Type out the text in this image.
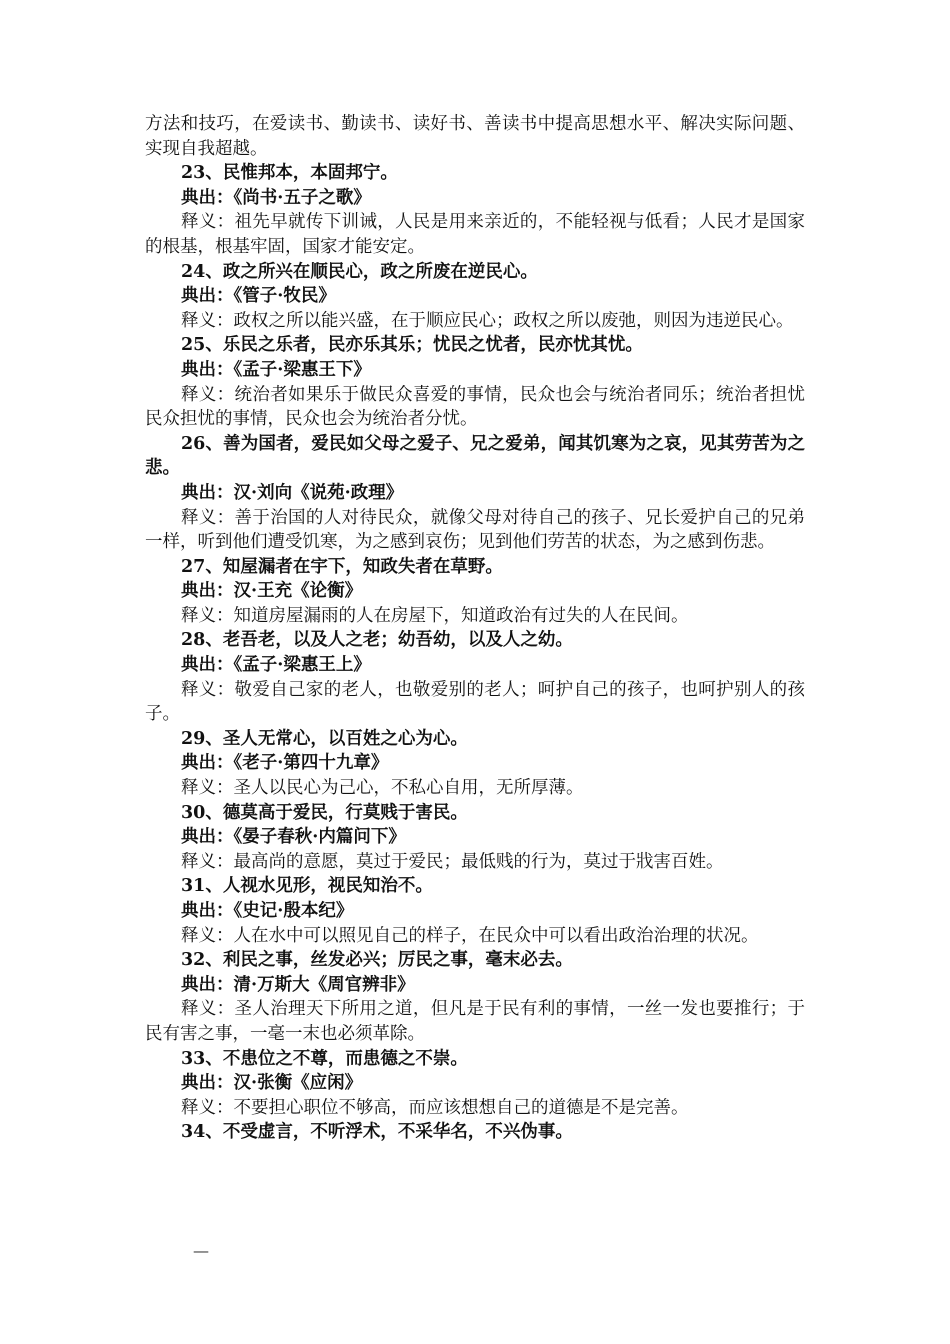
方法和技巧，在爱读书、勤读书、读好书、善读书中提高思想水平、解决实际问题、实现自我超越。

23、民惟邦本，本固邦宁。

典出：《尚书·五子之歌》

释义：祖先早就传下训诫，人民是用来亲近的，不能轻视与低看；人民才是国家的根基，根基牢固，国家才能安定。

24、政之所兴在顺民心，政之所废在逆民心。

典出：《管子·牧民》

释义：政权之所以能兴盛，在于顺应民心；政权之所以废弛，则因为违逆民心。

25、乐民之乐者，民亦乐其乐；忧民之忧者，民亦忧其忧。

典出：《孟子·梁惠王下》

释义：统治者如果乐于做民众喜爱的事情，民众也会与统治者同乐；统治者担忧民众担忧的事情，民众也会为统治者分忧。

26、善为国者，爱民如父母之爱子、兄之爱弟，闻其饥寒为之哀，见其劳苦为之悲。

典出：汉·刘向《说苑·政理》

释义：善于治国的人对待民众，就像父母对待自己的孩子、兄长爱护自己的兄弟一样，听到他们遭受饥寒，为之感到哀伤；见到他们劳苦的状态，为之感到伤悲。

27、知屋漏者在宇下，知政失者在草野。

典出：汉·王充《论衡》

释义：知道房屋漏雨的人在房屋下，知道政治有过失的人在民间。

28、老吾老，以及人之老；幼吾幼，以及人之幼。

典出：《孟子·梁惠王上》

释义：敬爱自己家的老人，也敬爱别的老人；呵护自己的孩子，也呵护别人的孩子。

29、圣人无常心，以百姓之心为心。

典出：《老子·第四十九章》

释义：圣人以民心为己心，不私心自用，无所厚薄。

30、德莫高于爱民，行莫贱于害民。

典出：《晏子春秋·内篇问下》

释义：最高尚的意愿，莫过于爱民；最低贱的行为，莫过于戕害百姓。

31、人视水见形，视民知治不。

典出：《史记·殷本纪》

释义：人在水中可以照见自己的样子，在民众中可以看出政治治理的状况。

32、利民之事，丝发必兴；厉民之事，毫末必去。

典出：清·万斯大《周官辨非》

释义：圣人治理天下所用之道，但凡是于民有利的事情，一丝一发也要推行；于民有害之事，一毫一末也必须革除。

33、不患位之不尊，而患德之不崇。

典出：汉·张衡《应闲》

释义：不要担心职位不够高，而应该想想自己的道德是不是完善。

34、不受虚言，不听浮术，不采华名，不兴伪事。

—
